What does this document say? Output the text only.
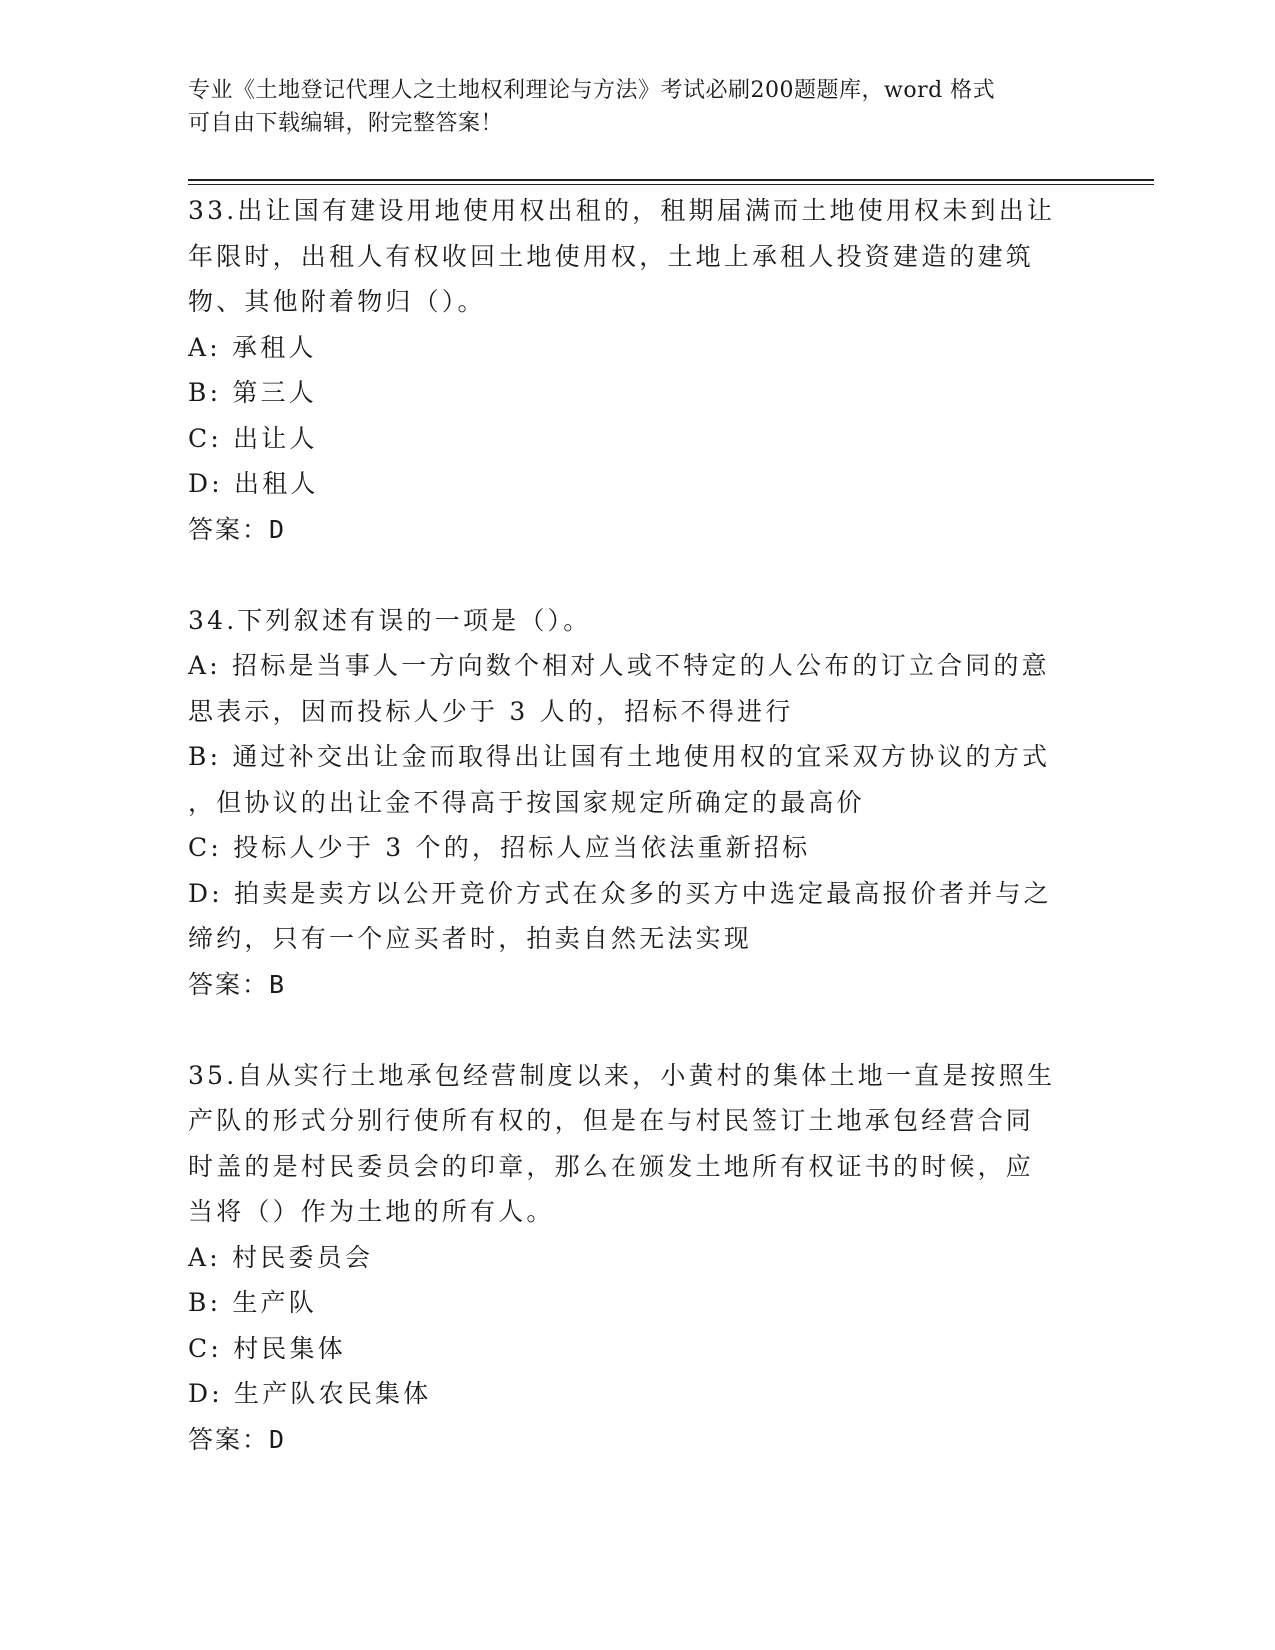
专业《土地登记代理人之土地权利理论与方法》考试必刷200题题库，word 格式
可自由下载编辑，附完整答案！
33.出让国有建设用地使用权出租的，租期届满而土地使用权未到出让
年限时，出租人有权收回土地使用权，土地上承租人投资建造的建筑
物、其他附着物归（）。
A: 承租人
B: 第三人
C: 出让人
D: 出租人
答案：D
34.下列叙述有误的一项是（）。
A: 招标是当事人一方向数个相对人或不特定的人公布的订立合同的意
思表示，因而投标人少于 3 人的，招标不得进行
B: 通过补交出让金而取得出让国有土地使用权的宜采双方协议的方式
，但协议的出让金不得高于按国家规定所确定的最高价
C: 投标人少于 3 个的，招标人应当依法重新招标
D: 拍卖是卖方以公开竞价方式在众多的买方中选定最高报价者并与之
缔约，只有一个应买者时，拍卖自然无法实现
答案：B
35.自从实行土地承包经营制度以来，小黄村的集体土地一直是按照生
产队的形式分别行使所有权的，但是在与村民签订土地承包经营合同
时盖的是村民委员会的印章，那么在颁发土地所有权证书的时候，应
当将（）作为土地的所有人。
A: 村民委员会
B: 生产队
C: 村民集体
D: 生产队农民集体
答案：D
